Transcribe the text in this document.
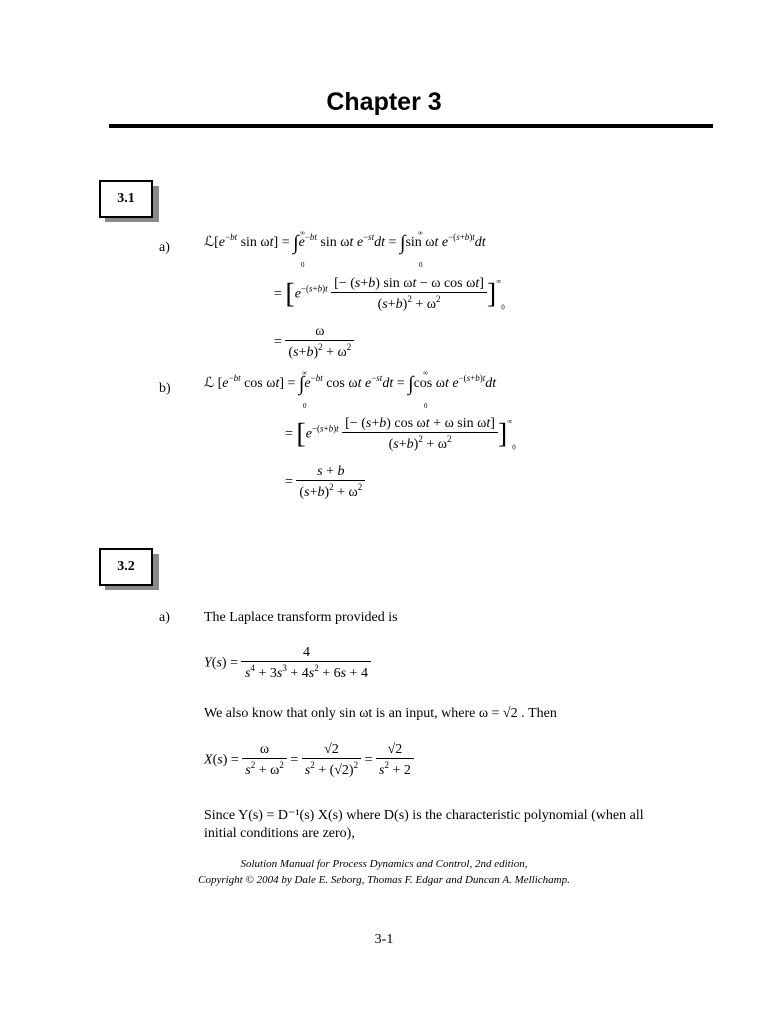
Chapter 3
3.1
a) $ℒ[e^{-bt}$ $\sin \omega t] = \int e^{-bt}$ sin ωt $e^{-st}dt = \int\sin$ ωt $e^{-(s+b)t}dt$
∞
0
∞
0
= $[e^{-(s+b)t} \frac{\text{[− (s+b) sin ωt − ω cos ωt]}}{(s+b)^2 + \omega^2} ]^\infty_0$
= $\frac{\omega}{(s+b)^2 + \omega^2}$
b) ℒ [$e^{-bt}$ $\cos \omega t] = \int e^{-bt}$ cos ωt $e^{-st}dt = \int\cos$ ωt $e^{-(s+b)t}dt$
∞
0
∞
0
= $[e^{-(s+b)t} \frac{\text{[− (s+b) cos ωt + ω sin ωt]}}{(s+b)^2 + \omega^2} ]^\infty_0$
= $\frac{s + b}{(s+b)^2 + \omega^2}$
3.2
a) The Laplace transform provided is
$Y(s) = \frac{4}{s^4 + 3s^3 + 4s^2 + 6s + 4}$
We also know that only sin ωt is an input, where ω = √2 . Then
$X(s) = \frac{\omega}{s^2 + \omega^2} = \frac{√2}{s^2 + (√2)^2} = \frac{√2}{s^2 + 2}$
Since Y(s) = D⁻¹(s) X(s) where D(s) is the characteristic polynomial (when all initial conditions are zero),
Solution Manual for Process Dynamics and Control, 2nd edition,
Copyright © 2004 by Dale E. Seborg, Thomas F. Edgar and Duncan A. Mellichamp.
3-1
